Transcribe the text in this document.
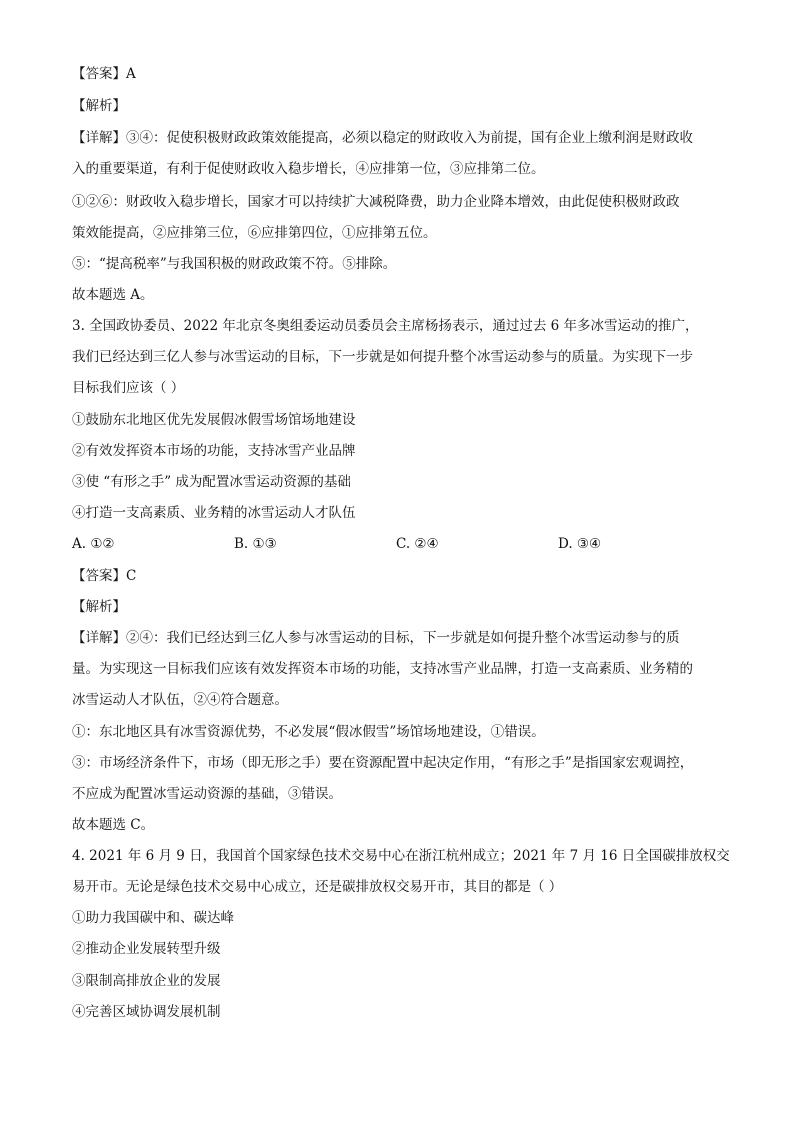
【答案】A
【解析】
【详解】③④：促使积极财政政策效能提高，必须以稳定的财政收入为前提，国有企业上缴利润是财政收
入的重要渠道，有利于促使财政收入稳步增长，④应排第一位，③应排第二位。
①②⑥：财政收入稳步增长，国家才可以持续扩大减税降费，助力企业降本增效，由此促使积极财政政
策效能提高，②应排第三位，⑥应排第四位，①应排第五位。
⑤：“提高税率”与我国积极的财政政策不符。⑤排除。
故本题选 A。
3. 全国政协委员、2022 年北京冬奥组委运动员委员会主席杨扬表示，通过过去 6 年多冰雪运动的推广，
我们已经达到三亿人参与冰雪运动的目标，下一步就是如何提升整个冰雪运动参与的质量。为实现下一步
目标我们应该（ ）
①鼓励东北地区优先发展假冰假雪场馆场地建设
②有效发挥资本市场的功能，支持冰雪产业品牌
③使 “有形之手” 成为配置冰雪运动资源的基础
④打造一支高素质、业务精的冰雪运动人才队伍
A. ①②	B. ①③	C. ②④	D. ③④
【答案】C
【解析】
【详解】②④：我们已经达到三亿人参与冰雪运动的目标，下一步就是如何提升整个冰雪运动参与的质
量。为实现这一目标我们应该有效发挥资本市场的功能，支持冰雪产业品牌，打造一支高素质、业务精的
冰雪运动人才队伍，②④符合题意。
①：东北地区具有冰雪资源优势，不必发展“假冰假雪”场馆场地建设，①错误。
③：市场经济条件下，市场（即无形之手）要在资源配置中起决定作用，“有形之手”是指国家宏观调控，
不应成为配置冰雪运动资源的基础，③错误。
故本题选 C。
4. 2021 年 6 月 9 日，我国首个国家绿色技术交易中心在浙江杭州成立；2021 年 7 月 16 日全国碳排放权交
易开市。无论是绿色技术交易中心成立，还是碳排放权交易开市，其目的都是（ ）
①助力我国碳中和、碳达峰
②推动企业发展转型升级
③限制高排放企业的发展
④完善区域协调发展机制
